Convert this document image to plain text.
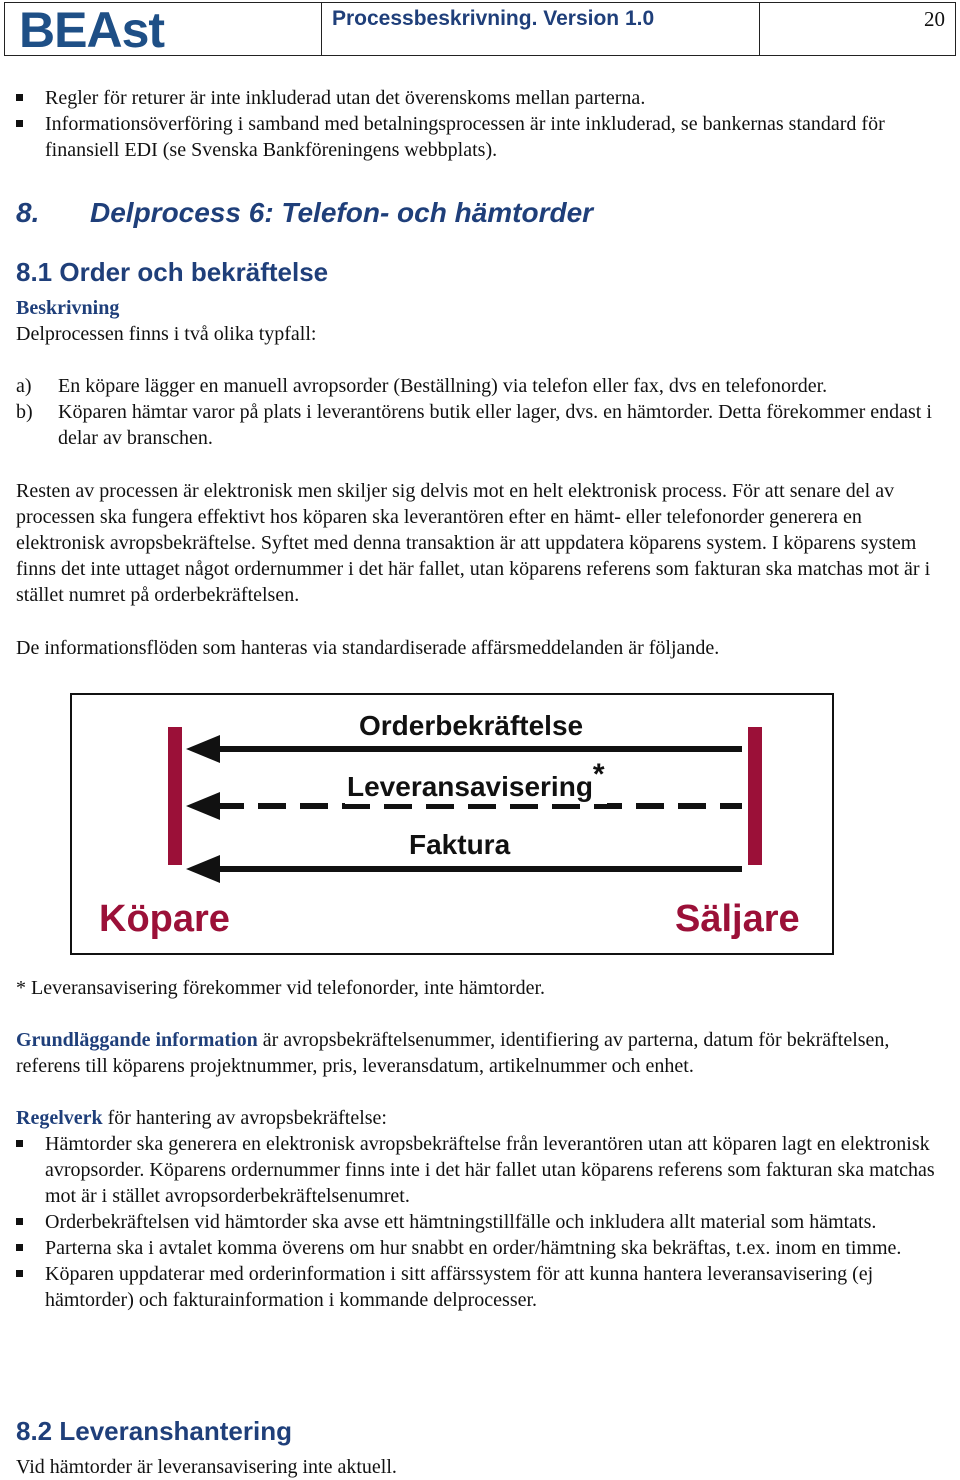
BEAst	Processbeskrivning. Version 1.0	20
Regler för returer är inte inkluderad utan det överenskoms mellan parterna.
Informationsöverföring i samband med betalningsprocessen är inte inkluderad, se bankernas standard för finansiell EDI (se Svenska Bankföreningens webbplats).
8. Delprocess 6: Telefon- och hämtorder
8.1 Order och bekräftelse
Beskrivning
Delprocessen finns i två olika typfall:
a)	En köpare lägger en manuell avropsorder (Beställning) via telefon eller fax, dvs en telefonorder.
b)	Köparen hämtar varor på plats i leverantörens butik eller lager, dvs. en hämtorder. Detta förekommer endast i delar av branschen.
Resten av processen är elektronisk men skiljer sig delvis mot en helt elektronisk process. För att senare del av processen ska fungera effektivt hos köparen ska leverantören efter en hämt- eller telefonorder generera en elektronisk avropsbekräftelse. Syftet med denna transaktion är att uppdatera köparens system. I köparens system finns det inte uttaget något ordernummer i det här fallet, utan köparens referens som fakturan ska matchas mot är i stället numret på orderbekräftelsen.
De informationsflöden som hanteras via standardiserade affärsmeddelanden är följande.
Orderbekräftelse
Leveransavisering*
Faktura
Köpare	Säljare
* Leveransavisering förekommer vid telefonorder, inte hämtorder.
Grundläggande information är avropsbekräftelsenummer, identifiering av parterna, datum för bekräftelsen, referens till köparens projektnummer, pris, leveransdatum, artikelnummer och enhet.
Regelverk för hantering av avropsbekräftelse:
Hämtorder ska generera en elektronisk avropsbekräftelse från leverantören utan att köparen lagt en elektronisk avropsorder. Köparens ordernummer finns inte i det här fallet utan köparens referens som fakturan ska matchas mot är i stället avropsorderbekräftelsenumret.
Orderbekräftelsen vid hämtorder ska avse ett hämtningstillfälle och inkludera allt material som hämtats.
Parterna ska i avtalet komma överens om hur snabbt en order/hämtning ska bekräftas, t.ex. inom en timme.
Köparen uppdaterar med orderinformation i sitt affärssystem för att kunna hantera leveransavisering (ej hämtorder) och fakturainformation i kommande delprocesser.
8.2 Leveranshantering
Vid hämtorder är leveransavisering inte aktuell.
